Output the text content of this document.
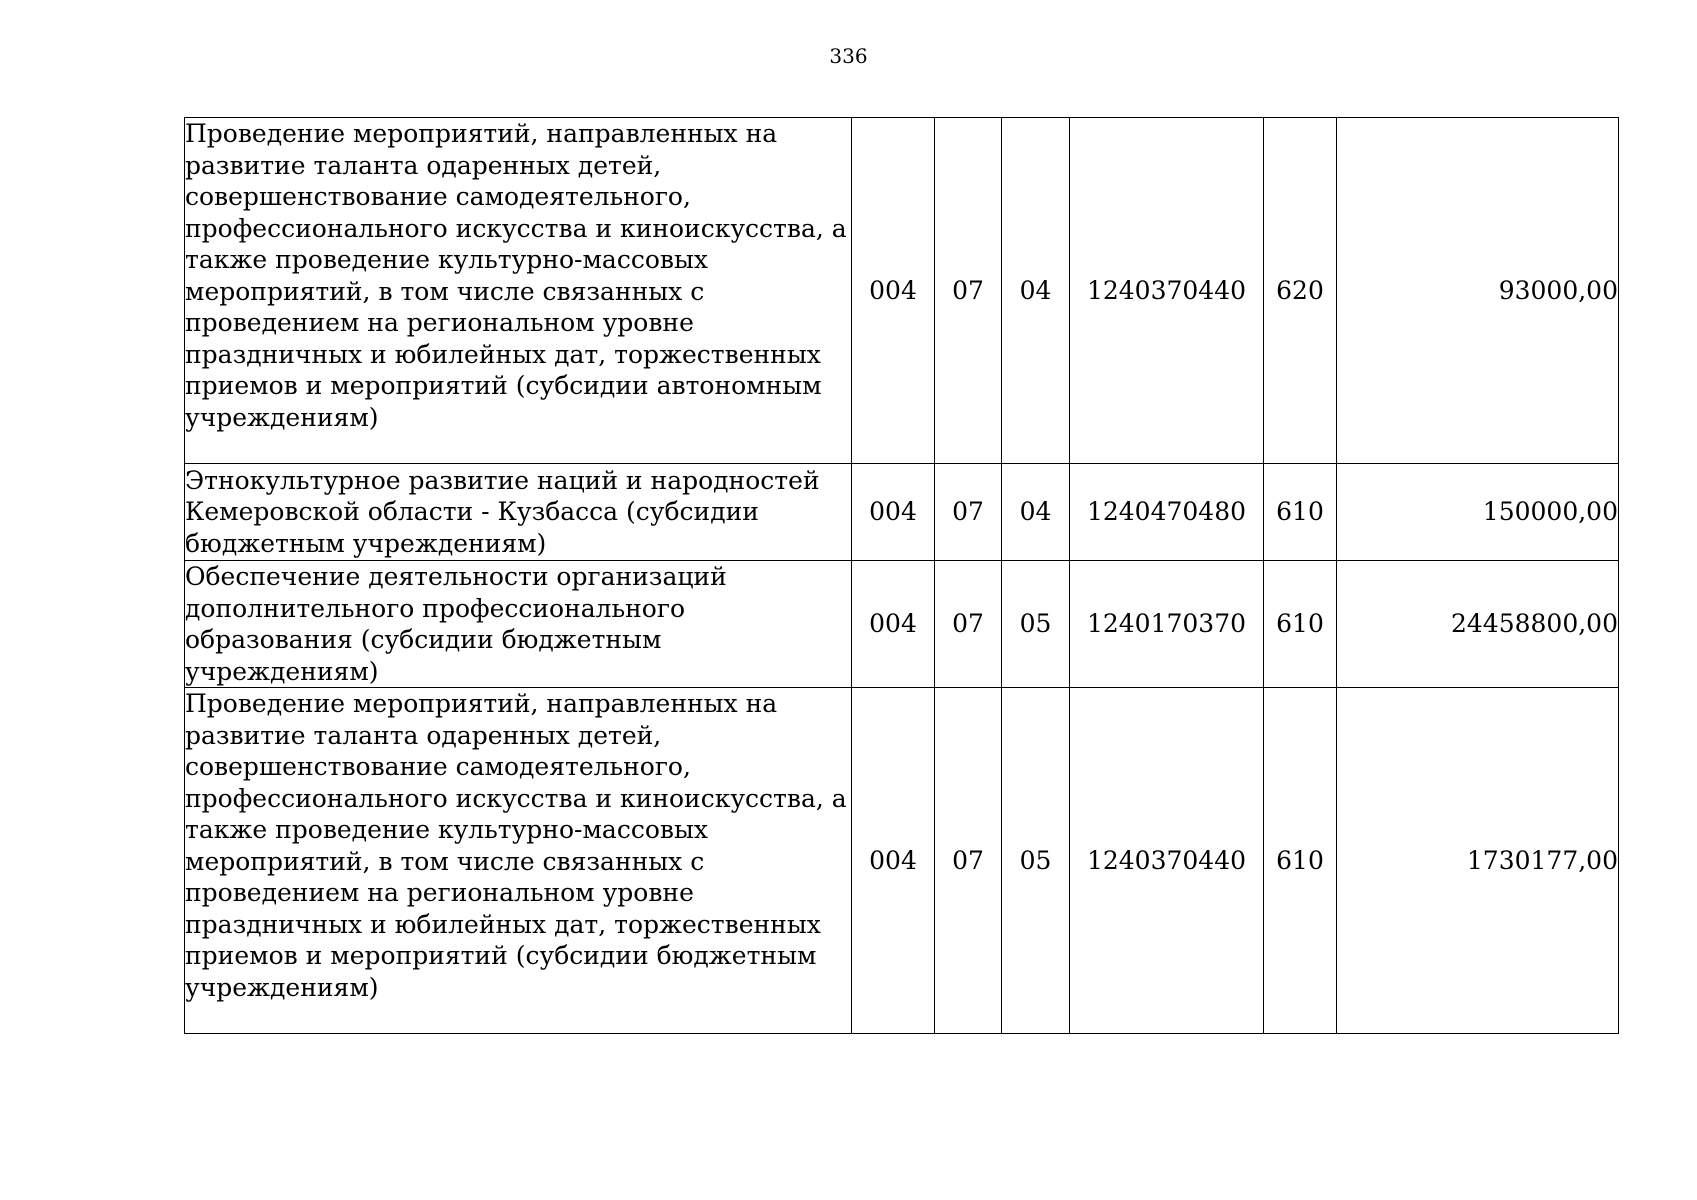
336
Проведение мероприятий, направленных на развитие таланта одаренных детей, совершенствование самодеятельного, профессионального искусства и киноискусства, а также проведение культурно-массовых мероприятий, в том числе связанных с проведением на региональном уровне праздничных и юбилейных дат, торжественных приемов и мероприятий (субсидии автономным учреждениям)	004	07	04	1240370440	620	93000,00
Этнокультурное развитие наций и народностей Кемеровской области - Кузбасса (субсидии бюджетным учреждениям)	004	07	04	1240470480	610	150000,00
Обеспечение деятельности организаций дополнительного профессионального образования (субсидии бюджетным учреждениям)	004	07	05	1240170370	610	24458800,00
Проведение мероприятий, направленных на развитие таланта одаренных детей, совершенствование самодеятельного, профессионального искусства и киноискусства, а также проведение культурно-массовых мероприятий, в том числе связанных с проведением на региональном уровне праздничных и юбилейных дат, торжественных приемов и мероприятий (субсидии бюджетным учреждениям)	004	07	05	1240370440	610	1730177,00
